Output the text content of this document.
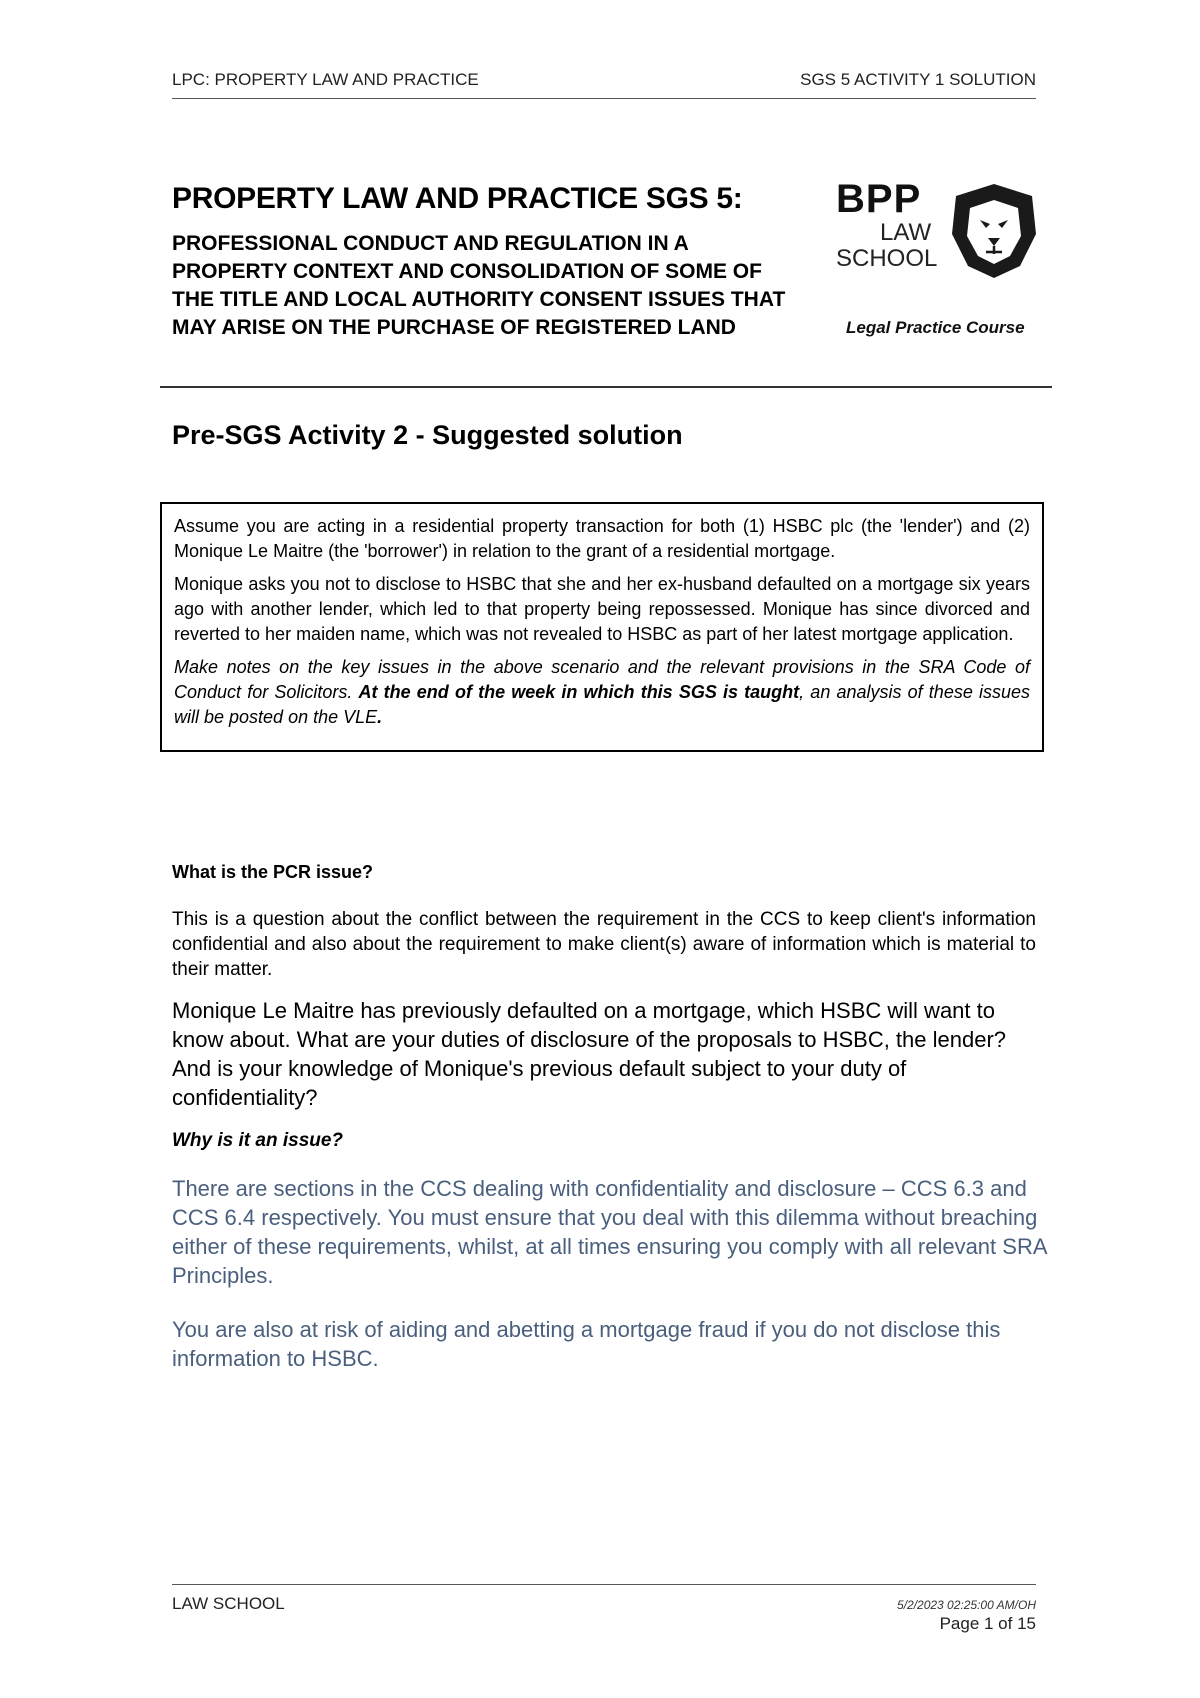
LPC: PROPERTY LAW AND PRACTICE	SGS 5 ACTIVITY 1 SOLUTION
PROPERTY LAW AND PRACTICE SGS 5:

PROFESSIONAL CONDUCT AND REGULATION IN A PROPERTY CONTEXT AND CONSOLIDATION OF SOME OF THE TITLE AND LOCAL AUTHORITY CONSENT ISSUES THAT MAY ARISE ON THE PURCHASE OF REGISTERED LAND

BPP
LAW
SCHOOL
Legal Practice Course
Pre-SGS Activity 2 - Suggested solution

Assume you are acting in a residential property transaction for both (1) HSBC plc (the 'lender') and (2) Monique Le Maitre (the 'borrower') in relation to the grant of a residential mortgage.

Monique asks you not to disclose to HSBC that she and her ex-husband defaulted on a mortgage six years ago with another lender, which led to that property being repossessed. Monique has since divorced and reverted to her maiden name, which was not revealed to HSBC as part of her latest mortgage application.

Make notes on the key issues in the above scenario and the relevant provisions in the SRA Code of Conduct for Solicitors. At the end of the week in which this SGS is taught, an analysis of these issues will be posted on the VLE.

What is the PCR issue?

This is a question about the conflict between the requirement in the CCS to keep client's information confidential and also about the requirement to make client(s) aware of information which is material to their matter.

Monique Le Maitre has previously defaulted on a mortgage, which HSBC will want to know about. What are your duties of disclosure of the proposals to HSBC, the lender? And is your knowledge of Monique's previous default subject to your duty of confidentiality?

Why is it an issue?

There are sections in the CCS dealing with confidentiality and disclosure – CCS 6.3 and CCS 6.4 respectively. You must ensure that you deal with this dilemma without breaching either of these requirements, whilst, at all times ensuring you comply with all relevant SRA Principles.

You are also at risk of aiding and abetting a mortgage fraud if you do not disclose this information to HSBC.

LAW SCHOOL	5/2/2023 02:25:00 AM/OH
Page 1 of 15
